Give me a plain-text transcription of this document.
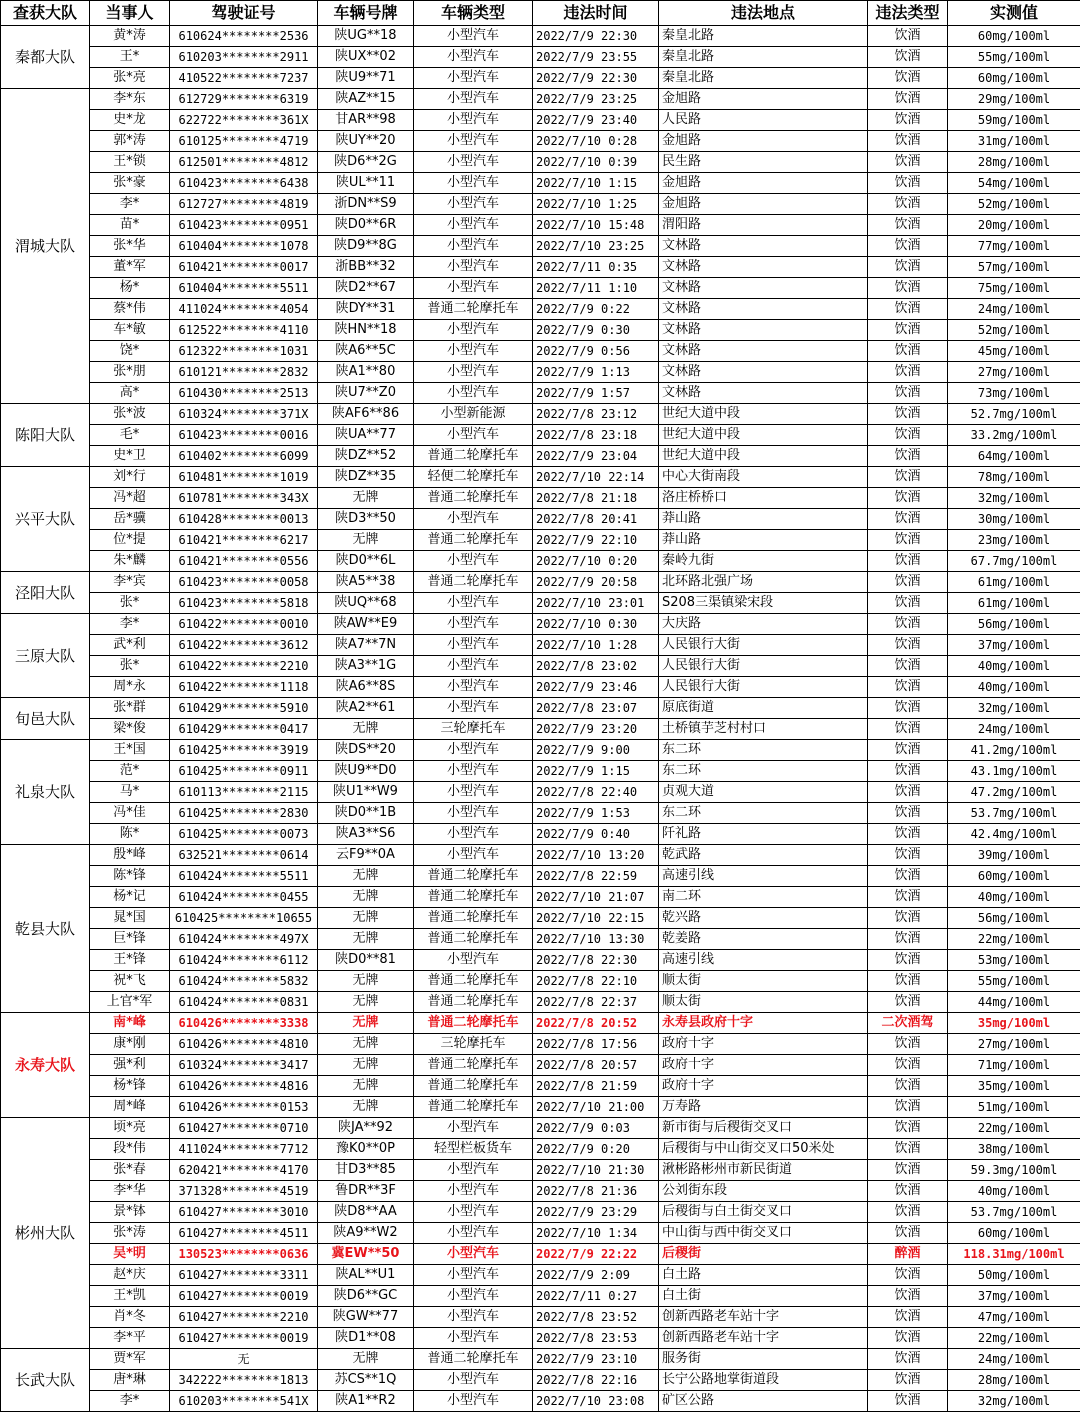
查获大队	当事人	驾驶证号	车辆号牌	车辆类型	违法时间	违法地点	违法类型	实测值
秦都大队	黄*涛	610624********2536	陕UG**18	小型汽车	2022/7/9 22:30	秦皇北路	饮酒	60mg/100ml
	王*	610203********2911	陕UX**02	小型汽车	2022/7/9 23:55	秦皇北路	饮酒	55mg/100ml
	张*亮	410522********7237	陕U9**71	小型汽车	2022/7/9 22:30	秦皇北路	饮酒	60mg/100ml
渭城大队	李*东	612729********6319	陕AZ**15	小型汽车	2022/7/9 23:25	金旭路	饮酒	29mg/100ml
	史*龙	622722********361X	甘AR**98	小型汽车	2022/7/9 23:40	人民路	饮酒	59mg/100ml
	郭*涛	610125********4719	陕UY**20	小型汽车	2022/7/10 0:28	金旭路	饮酒	31mg/100ml
	王*锁	612501********4812	陕D6**2G	小型汽车	2022/7/10 0:39	民生路	饮酒	28mg/100ml
	张*豪	610423********6438	陕UL**11	小型汽车	2022/7/10 1:15	金旭路	饮酒	54mg/100ml
	李*	612727********4819	浙DN**S9	小型汽车	2022/7/10 1:25	金旭路	饮酒	52mg/100ml
	苗*	610423********0951	陕D0**6R	小型汽车	2022/7/10 15:48	渭阳路	饮酒	20mg/100ml
	张*华	610404********1078	陕D9**8G	小型汽车	2022/7/10 23:25	文林路	饮酒	77mg/100ml
	董*军	610421********0017	浙BB**32	小型汽车	2022/7/11 0:35	文林路	饮酒	57mg/100ml
	杨*	610404********5511	陕D2**67	小型汽车	2022/7/11 1:10	文林路	饮酒	75mg/100ml
	蔡*伟	411024********4054	陕DY**31	普通二轮摩托车	2022/7/9 0:22	文林路	饮酒	24mg/100ml
	车*敏	612522********4110	陕HN**18	小型汽车	2022/7/9 0:30	文林路	饮酒	52mg/100ml
	饶*	612322********1031	陕A6**5C	小型汽车	2022/7/9 0:56	文林路	饮酒	45mg/100ml
	张*朋	610121********2832	陕A1**80	小型汽车	2022/7/9 1:13	文林路	饮酒	27mg/100ml
	高*	610430********2513	陕U7**Z0	小型汽车	2022/7/9 1:57	文林路	饮酒	73mg/100ml
陈阳大队	张*波	610324********371X	陕AF6**86	小型新能源	2022/7/8 23:12	世纪大道中段	饮酒	52.7mg/100ml
	毛*	610423********0016	陕UA**77	小型汽车	2022/7/8 23:18	世纪大道中段	饮酒	33.2mg/100ml
	史*卫	610402********6099	陕DZ**52	普通二轮摩托车	2022/7/9 23:04	世纪大道中段	饮酒	64mg/100ml
兴平大队	刘*行	610481********1019	陕DZ**35	轻便二轮摩托车	2022/7/10 22:14	中心大街南段	饮酒	78mg/100ml
	冯*超	610781********343X	无牌	普通二轮摩托车	2022/7/8 21:18	洛庄桥桥口	饮酒	32mg/100ml
	岳*骥	610428********0013	陕D3**50	小型汽车	2022/7/8 20:41	莽山路	饮酒	30mg/100ml
	位*提	610421********6217	无牌	普通二轮摩托车	2022/7/9 22:10	莽山路	饮酒	23mg/100ml
	朱*麟	610421********0556	陕D0**6L	小型汽车	2022/7/10 0:20	秦岭九街	饮酒	67.7mg/100ml
泾阳大队	李*宾	610423********0058	陕A5**38	普通二轮摩托车	2022/7/9 20:58	北环路北强广场	饮酒	61mg/100ml
	张*	610423********5818	陕UQ**68	小型汽车	2022/7/10 23:01	S208三渠镇梁宋段	饮酒	61mg/100ml
三原大队	李*	610422********0010	陕AW**E9	小型汽车	2022/7/10 0:30	大庆路	饮酒	56mg/100ml
	武*利	610422********3612	陕A7**7N	小型汽车	2022/7/10 1:28	人民银行大街	饮酒	37mg/100ml
	张*	610422********2210	陕A3**1G	小型汽车	2022/7/8 23:02	人民银行大街	饮酒	40mg/100ml
	周*永	610422********1118	陕A6**8S	小型汽车	2022/7/9 23:46	人民银行大街	饮酒	40mg/100ml
旬邑大队	张*群	610429********5910	陕A2**61	小型汽车	2022/7/8 23:07	原底街道	饮酒	32mg/100ml
	梁*俊	610429********0417	无牌	三轮摩托车	2022/7/9 23:20	土桥镇芋芝村村口	饮酒	24mg/100ml
礼泉大队	王*国	610425********3919	陕DS**20	小型汽车	2022/7/9 9:00	东二环	饮酒	41.2mg/100ml
	范*	610425********0911	陕U9**D0	小型汽车	2022/7/9 1:15	东二环	饮酒	43.1mg/100ml
	马*	610113********2115	陕U1**W9	小型汽车	2022/7/8 22:40	贞观大道	饮酒	47.2mg/100ml
	冯*佳	610425********2830	陕D0**1B	小型汽车	2022/7/9 1:53	东二环	饮酒	53.7mg/100ml
	陈*	610425********0073	陕A3**S6	小型汽车	2022/7/9 0:40	阡礼路	饮酒	42.4mg/100ml
乾县大队	殷*峰	632521********0614	云F9**0A	小型汽车	2022/7/10 13:20	乾武路	饮酒	39mg/100ml
	陈*锋	610424********5511	无牌	普通二轮摩托车	2022/7/8 22:59	高速引线	饮酒	60mg/100ml
	杨*记	610424********0455	无牌	普通二轮摩托车	2022/7/10 21:07	南二环	饮酒	40mg/100ml
	晁*国	610425********10655	无牌	普通二轮摩托车	2022/7/10 22:15	乾兴路	饮酒	56mg/100ml
	巨*锋	610424********497X	无牌	普通二轮摩托车	2022/7/10 13:30	乾姜路	饮酒	22mg/100ml
	王*锋	610424********6112	陕D0**81	小型汽车	2022/7/8 22:30	高速引线	饮酒	53mg/100ml
	祝*飞	610424********5832	无牌	普通二轮摩托车	2022/7/8 22:10	顺太街	饮酒	55mg/100ml
	上官*军	610424********0831	无牌	普通二轮摩托车	2022/7/8 22:37	顺太街	饮酒	44mg/100ml
永寿大队	南*峰	610426********3338	无牌	普通二轮摩托车	2022/7/8 20:52	永寿县政府十字	二次酒驾	35mg/100ml
	康*刚	610426********4810	无牌	三轮摩托车	2022/7/8 17:56	政府十字	饮酒	27mg/100ml
	强*利	610324********3417	无牌	普通二轮摩托车	2022/7/8 20:57	政府十字	饮酒	71mg/100ml
	杨*锋	610426********4816	无牌	普通二轮摩托车	2022/7/8 21:59	政府十字	饮酒	35mg/100ml
	周*峰	610426********0153	无牌	普通二轮摩托车	2022/7/10 21:00	万寿路	饮酒	51mg/100ml
彬州大队	顷*亮	610427********0710	陕JA**92	小型汽车	2022/7/9 0:03	新市街与后稷街交叉口	饮酒	22mg/100ml
	段*伟	411024********7712	豫K0**0P	轻型栏板货车	2022/7/9 0:20	后稷街与中山街交叉口50米处	饮酒	38mg/100ml
	张*春	620421********4170	甘D3**85	小型汽车	2022/7/10 21:30	湫彬路彬州市新民街道	饮酒	59.3mg/100ml
	李*华	371328********4519	鲁DR**3F	小型汽车	2022/7/8 21:36	公刘街东段	饮酒	40mg/100ml
	景*钵	610427********3010	陕D8**AA	小型汽车	2022/7/9 23:29	后稷街与白土街交叉口	饮酒	53.7mg/100ml
	张*涛	610427********4511	陕A9**W2	小型汽车	2022/7/10 1:34	中山街与西中街交叉口	饮酒	60mg/100ml
	吴*明	130523********0636	冀EW**50	小型汽车	2022/7/9 22:22	后稷街	醉酒	118.31mg/100ml
	赵*庆	610427********3311	陕AL**U1	小型汽车	2022/7/9 2:09	白土路	饮酒	50mg/100ml
	王*凯	610427********0019	陕D6**GC	小型汽车	2022/7/11 0:27	白土街	饮酒	37mg/100ml
	肖*冬	610427********2210	陕GW**77	小型汽车	2022/7/8 23:52	创新西路老车站十字	饮酒	47mg/100ml
	李*平	610427********0019	陕D1**08	小型汽车	2022/7/8 23:53	创新西路老车站十字	饮酒	22mg/100ml
长武大队	贾*军	无	无牌	普通二轮摩托车	2022/7/9 23:10	服务街	饮酒	24mg/100ml
	唐*琳	342222********1813	苏CS**1Q	小型汽车	2022/7/8 22:16	长宁公路地掌街道段	饮酒	28mg/100ml
	李*	610203********541X	陕A1**R2	小型汽车	2022/7/10 23:08	矿区公路	饮酒	32mg/100ml
